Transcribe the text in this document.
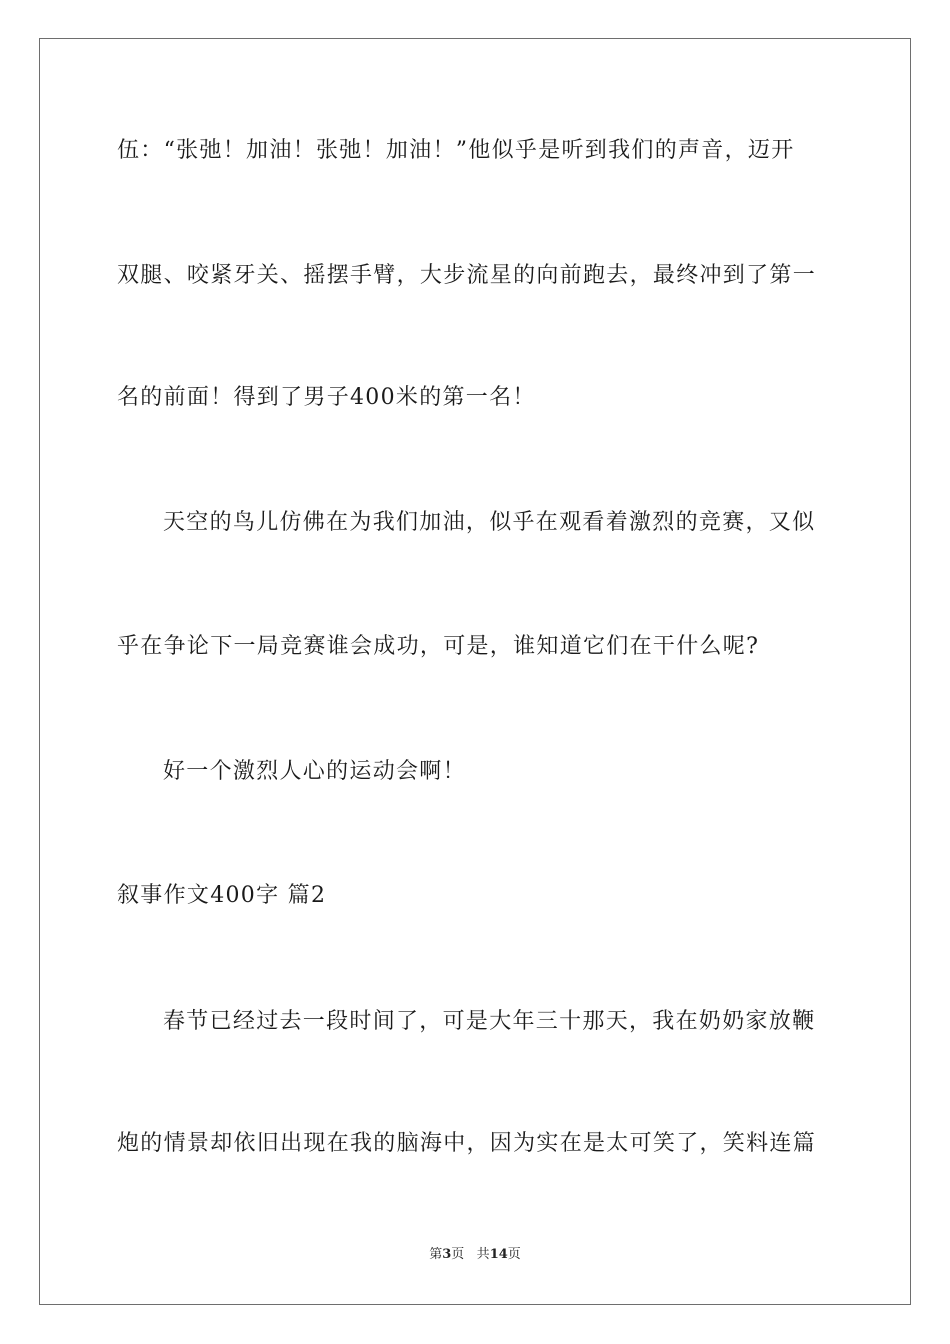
伍：“张弛！加油！张弛！加油！”他似乎是听到我们的声音，迈开
双腿、咬紧牙关、摇摆手臂，大步流星的向前跑去，最终冲到了第一
名的前面！得到了男子400米的第一名！
天空的鸟儿仿佛在为我们加油，似乎在观看着激烈的竞赛，又似
乎在争论下一局竞赛谁会成功，可是，谁知道它们在干什么呢?
好一个激烈人心的运动会啊！
叙事作文400字 篇2
春节已经过去一段时间了，可是大年三十那天，我在奶奶家放鞭
炮的情景却依旧出现在我的脑海中，因为实在是太可笑了，笑料连篇
第3页 共14页
